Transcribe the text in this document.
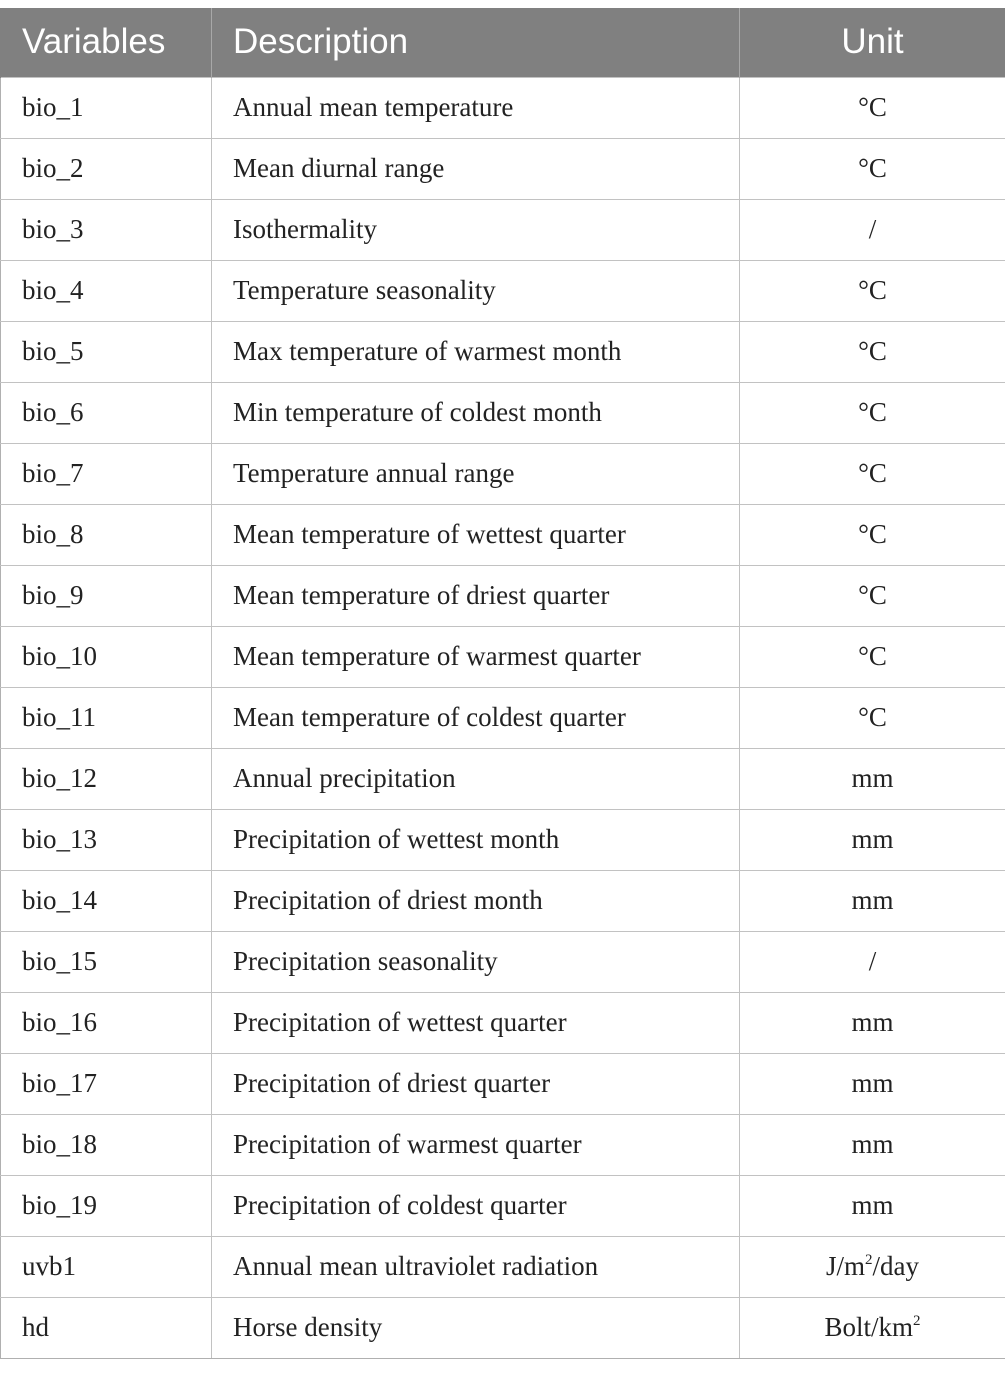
Variables	Description	Unit
bio_1	Annual mean temperature	°C
bio_2	Mean diurnal range	°C
bio_3	Isothermality	/
bio_4	Temperature seasonality	°C
bio_5	Max temperature of warmest month	°C
bio_6	Min temperature of coldest month	°C
bio_7	Temperature annual range	°C
bio_8	Mean temperature of wettest quarter	°C
bio_9	Mean temperature of driest quarter	°C
bio_10	Mean temperature of warmest quarter	°C
bio_11	Mean temperature of coldest quarter	°C
bio_12	Annual precipitation	mm
bio_13	Precipitation of wettest month	mm
bio_14	Precipitation of driest month	mm
bio_15	Precipitation seasonality	/
bio_16	Precipitation of wettest quarter	mm
bio_17	Precipitation of driest quarter	mm
bio_18	Precipitation of warmest quarter	mm
bio_19	Precipitation of coldest quarter	mm
uvb1	Annual mean ultraviolet radiation	$J/m^2$/day
hd	Horse density	Bolt/$km^2$
